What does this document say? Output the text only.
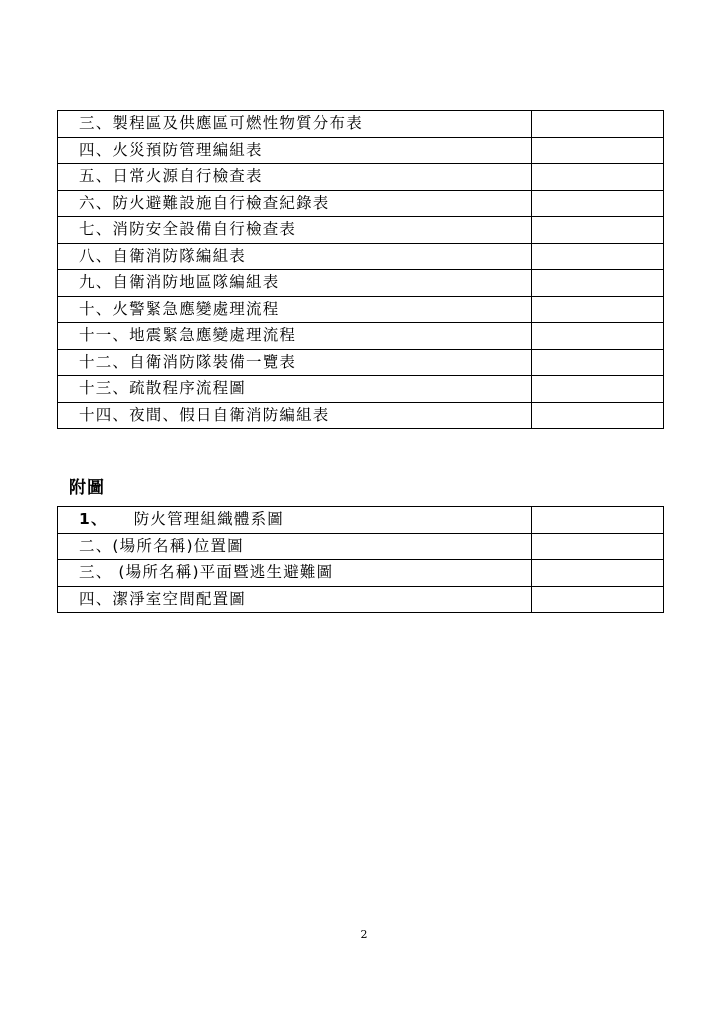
三、製程區及供應區可燃性物質分布表	
四、火災預防管理編組表	
五、日常火源自行檢查表	
六、防火避難設施自行檢查紀錄表	
七、消防安全設備自行檢查表	
八、自衛消防隊編組表	
九、自衛消防地區隊編組表	
十、火警緊急應變處理流程	
十一、地震緊急應變處理流程	
十二、自衛消防隊裝備一覽表	
十三、疏散程序流程圖	
十四、夜間、假日自衛消防編組表	
附圖
1、 防火管理組織體系圖	
二、(場所名稱)位置圖	
三、 (場所名稱)平面暨逃生避難圖	
四、潔淨室空間配置圖	
2
